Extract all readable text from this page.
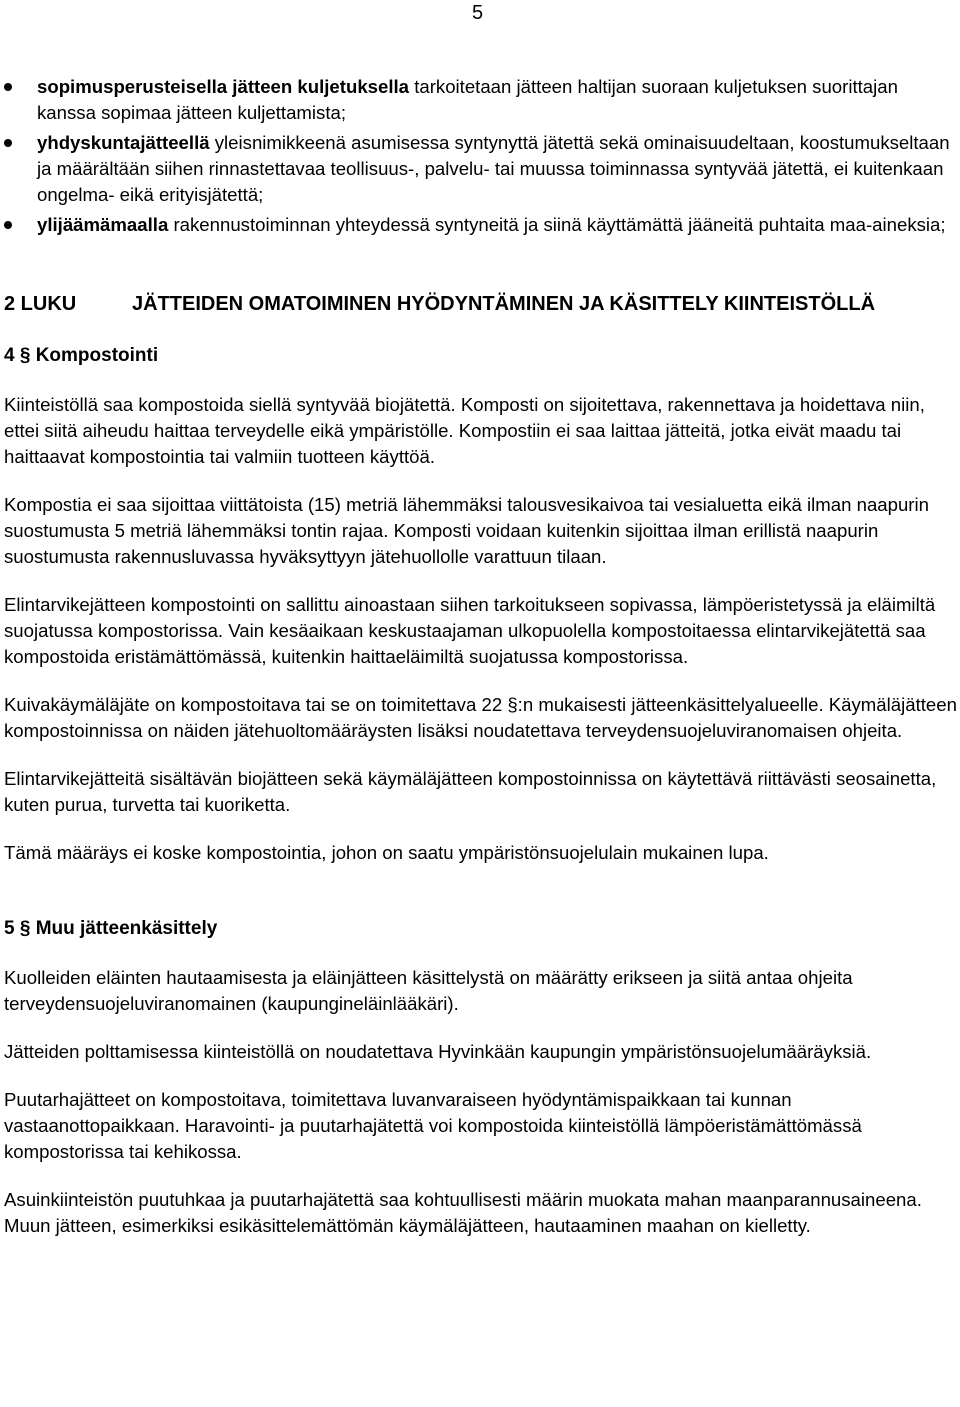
5
sopimusperusteisella jätteen kuljetuksella tarkoitetaan jätteen haltijan suoraan kuljetuksen suorittajan kanssa sopimaa jätteen kuljettamista;
yhdyskuntajätteellä yleisnimikkeenä asumisessa syntynyttä jätettä sekä ominaisuudeltaan, koostumukseltaan ja määrältään siihen rinnastettavaa teollisuus-, palvelu- tai muussa toiminnassa syntyvää jätettä, ei kuitenkaan ongelma- eikä erityisjätettä;
ylijäämämaalla rakennustoiminnan yhteydessä syntyneitä ja siinä käyttämättä jääneitä puhtaita maa-aineksia;
2 LUKU	JÄTTEIDEN OMATOIMINEN HYÖDYNTÄMINEN JA KÄSITTELY KIINTEISTÖLLÄ
4 § Kompostointi

Kiinteistöllä saa kompostoida siellä syntyvää biojätettä. Komposti on sijoitettava, rakennettava ja hoidettava niin, ettei siitä aiheudu haittaa terveydelle eikä ympäristölle. Kompostiin ei saa laittaa jätteitä, jotka eivät maadu tai haittaavat kompostointia tai valmiin tuotteen käyttöä.

Kompostia ei saa sijoittaa viittätoista (15) metriä lähemmäksi talousvesikaivoa tai vesialuetta eikä ilman naapurin suostumusta 5 metriä lähemmäksi tontin rajaa. Komposti voidaan kuitenkin sijoittaa ilman erillistä naapurin suostumusta rakennusluvassa hyväksyttyyn jätehuollolle varattuun tilaan.

Elintarvikejätteen kompostointi on sallittu ainoastaan siihen tarkoitukseen sopivassa, lämpöeristetyssä ja eläimiltä suojatussa kompostorissa. Vain kesäaikaan keskustaajaman ulkopuolella kompostoitaessa elintarvikejätettä saa kompostoida eristämättömässä, kuitenkin haittaeläimiltä suojatussa kompostorissa.

Kuivakäymäläjäte on kompostoitava tai se on toimitettava 22 §:n mukaisesti jätteenkäsittelyalueelle. Käymäläjätteen kompostoinnissa on näiden jätehuoltomääräysten lisäksi noudatettava terveydensuojeluviranomaisen ohjeita.

Elintarvikejätteitä sisältävän biojätteen sekä käymäläjätteen kompostoinnissa on käytettävä riittävästi seosainetta, kuten purua, turvetta tai kuoriketta.

Tämä määräys ei koske kompostointia, johon on saatu ympäristönsuojelulain mukainen lupa.

5 § Muu jätteenkäsittely

Kuolleiden eläinten hautaamisesta ja eläinjätteen käsittelystä on määrätty erikseen ja siitä antaa ohjeita terveydensuojeluviranomainen (kaupungineläinlääkäri).

Jätteiden polttamisessa kiinteistöllä on noudatettava Hyvinkään kaupungin ympäristönsuojelumääräyksiä.

Puutarhajätteet on kompostoitava, toimitettava luvanvaraiseen hyödyntämispaikkaan tai kunnan vastaanottopaikkaan. Haravointi- ja puutarhajätettä voi kompostoida kiinteistöllä lämpöeristämättömässä kompostorissa tai kehikossa.

Asuinkiinteistön puutuhkaa ja puutarhajätettä saa kohtuullisesti määrin muokata mahan maanparannusaineena. Muun jätteen, esimerkiksi esikäsittelemättömän käymäläjätteen, hautaaminen maahan on kielletty.
